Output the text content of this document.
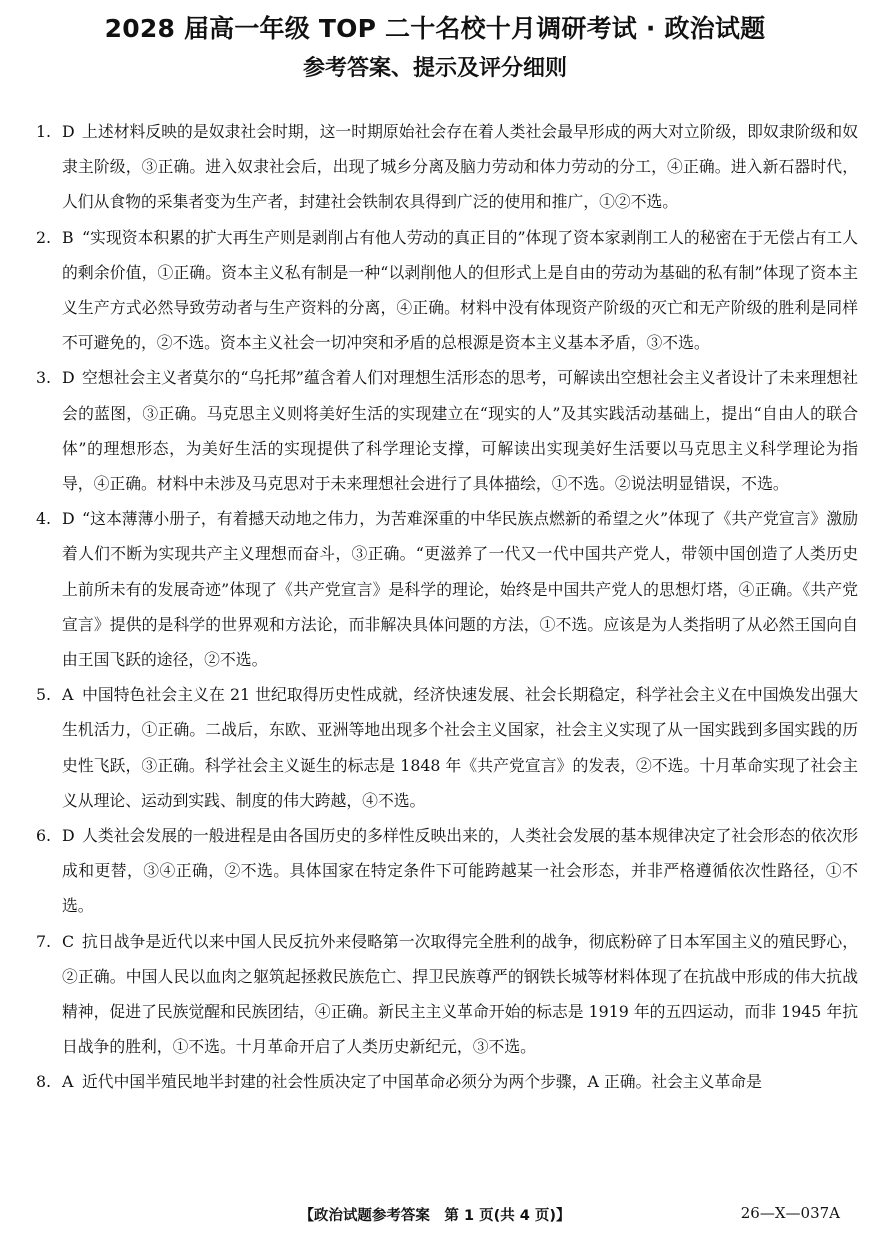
2028 届高一年级 TOP 二十名校十月调研考试 · 政治试题
参考答案、提示及评分细则

1. D 上述材料反映的是奴隶社会时期，这一时期原始社会存在着人类社会最早形成的两大对立阶级，即奴隶阶级和奴隶主阶级，③正确。进入奴隶社会后，出现了城乡分离及脑力劳动和体力劳动的分工，④正确。进入新石器时代，人们从食物的采集者变为生产者，封建社会铁制农具得到广泛的使用和推广，①②不选。

2. B “实现资本积累的扩大再生产则是剥削占有他人劳动的真正目的”体现了资本家剥削工人的秘密在于无偿占有工人的剩余价值，①正确。资本主义私有制是一种“以剥削他人的但形式上是自由的劳动为基础的私有制”体现了资本主义生产方式必然导致劳动者与生产资料的分离，④正确。材料中没有体现资产阶级的灭亡和无产阶级的胜利是同样不可避免的，②不选。资本主义社会一切冲突和矛盾的总根源是资本主义基本矛盾，③不选。

3. D 空想社会主义者莫尔的“乌托邦”蕴含着人们对理想生活形态的思考，可解读出空想社会主义者设计了未来理想社会的蓝图，③正确。马克思主义则将美好生活的实现建立在“现实的人”及其实践活动基础上，提出“自由人的联合体”的理想形态，为美好生活的实现提供了科学理论支撑，可解读出实现美好生活要以马克思主义科学理论为指导，④正确。材料中未涉及马克思对于未来理想社会进行了具体描绘，①不选。②说法明显错误，不选。

4. D “这本薄薄小册子，有着撼天动地之伟力，为苦难深重的中华民族点燃新的希望之火”体现了《共产党宣言》激励着人们不断为实现共产主义理想而奋斗，③正确。“更滋养了一代又一代中国共产党人，带领中国创造了人类历史上前所未有的发展奇迹”体现了《共产党宣言》是科学的理论，始终是中国共产党人的思想灯塔，④正确。《共产党宣言》提供的是科学的世界观和方法论，而非解决具体问题的方法，①不选。应该是为人类指明了从必然王国向自由王国飞跃的途径，②不选。

5. A 中国特色社会主义在 21 世纪取得历史性成就，经济快速发展、社会长期稳定，科学社会主义在中国焕发出强大生机活力，①正确。二战后，东欧、亚洲等地出现多个社会主义国家，社会主义实现了从一国实践到多国实践的历史性飞跃，③正确。科学社会主义诞生的标志是 1848 年《共产党宣言》的发表，②不选。十月革命实现了社会主义从理论、运动到实践、制度的伟大跨越，④不选。

6. D 人类社会发展的一般进程是由各国历史的多样性反映出来的，人类社会发展的基本规律决定了社会形态的依次形成和更替，③④正确，②不选。具体国家在特定条件下可能跨越某一社会形态，并非严格遵循依次性路径，①不选。

7. C 抗日战争是近代以来中国人民反抗外来侵略第一次取得完全胜利的战争，彻底粉碎了日本军国主义的殖民野心，②正确。中国人民以血肉之躯筑起拯救民族危亡、捍卫民族尊严的钢铁长城等材料体现了在抗战中形成的伟大抗战精神，促进了民族觉醒和民族团结，④正确。新民主主义革命开始的标志是 1919 年的五四运动，而非 1945 年抗日战争的胜利，①不选。十月革命开启了人类历史新纪元，③不选。

8. A 近代中国半殖民地半封建的社会性质决定了中国革命必须分为两个步骤，A 正确。社会主义革命是

【政治试题参考答案　第 1 页(共 4 页)】	26—X—037A
